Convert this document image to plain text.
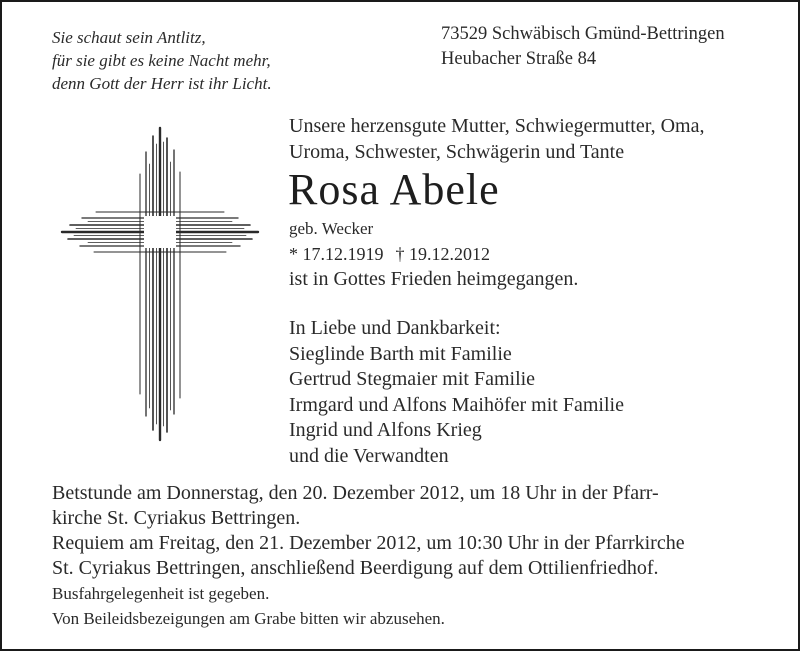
Sie schaut sein Antlitz,
für sie gibt es keine Nacht mehr,
denn Gott der Herr ist ihr Licht.
73529 Schwäbisch Gmünd-Bettringen
Heubacher Straße 84
Unsere herzensgute Mutter, Schwiegermutter, Oma,
Uroma, Schwester, Schwägerin und Tante
Rosa Abele
geb. Wecker
* 17.12.1919 † 19.12.2012
ist in Gottes Frieden heimgegangen.
In Liebe und Dankbarkeit:
Sieglinde Barth mit Familie
Gertrud Stegmaier mit Familie
Irmgard und Alfons Maihöfer mit Familie
Ingrid und Alfons Krieg
und die Verwandten
Betstunde am Donnerstag, den 20. Dezember 2012, um 18 Uhr in der Pfarr-
kirche St. Cyriakus Bettringen.
Requiem am Freitag, den 21. Dezember 2012, um 10:30 Uhr in der Pfarrkirche
St. Cyriakus Bettringen, anschließend Beerdigung auf dem Ottilienfriedhof.
Busfahrgelegenheit ist gegeben.
Von Beileidsbezeigungen am Grabe bitten wir abzusehen.
